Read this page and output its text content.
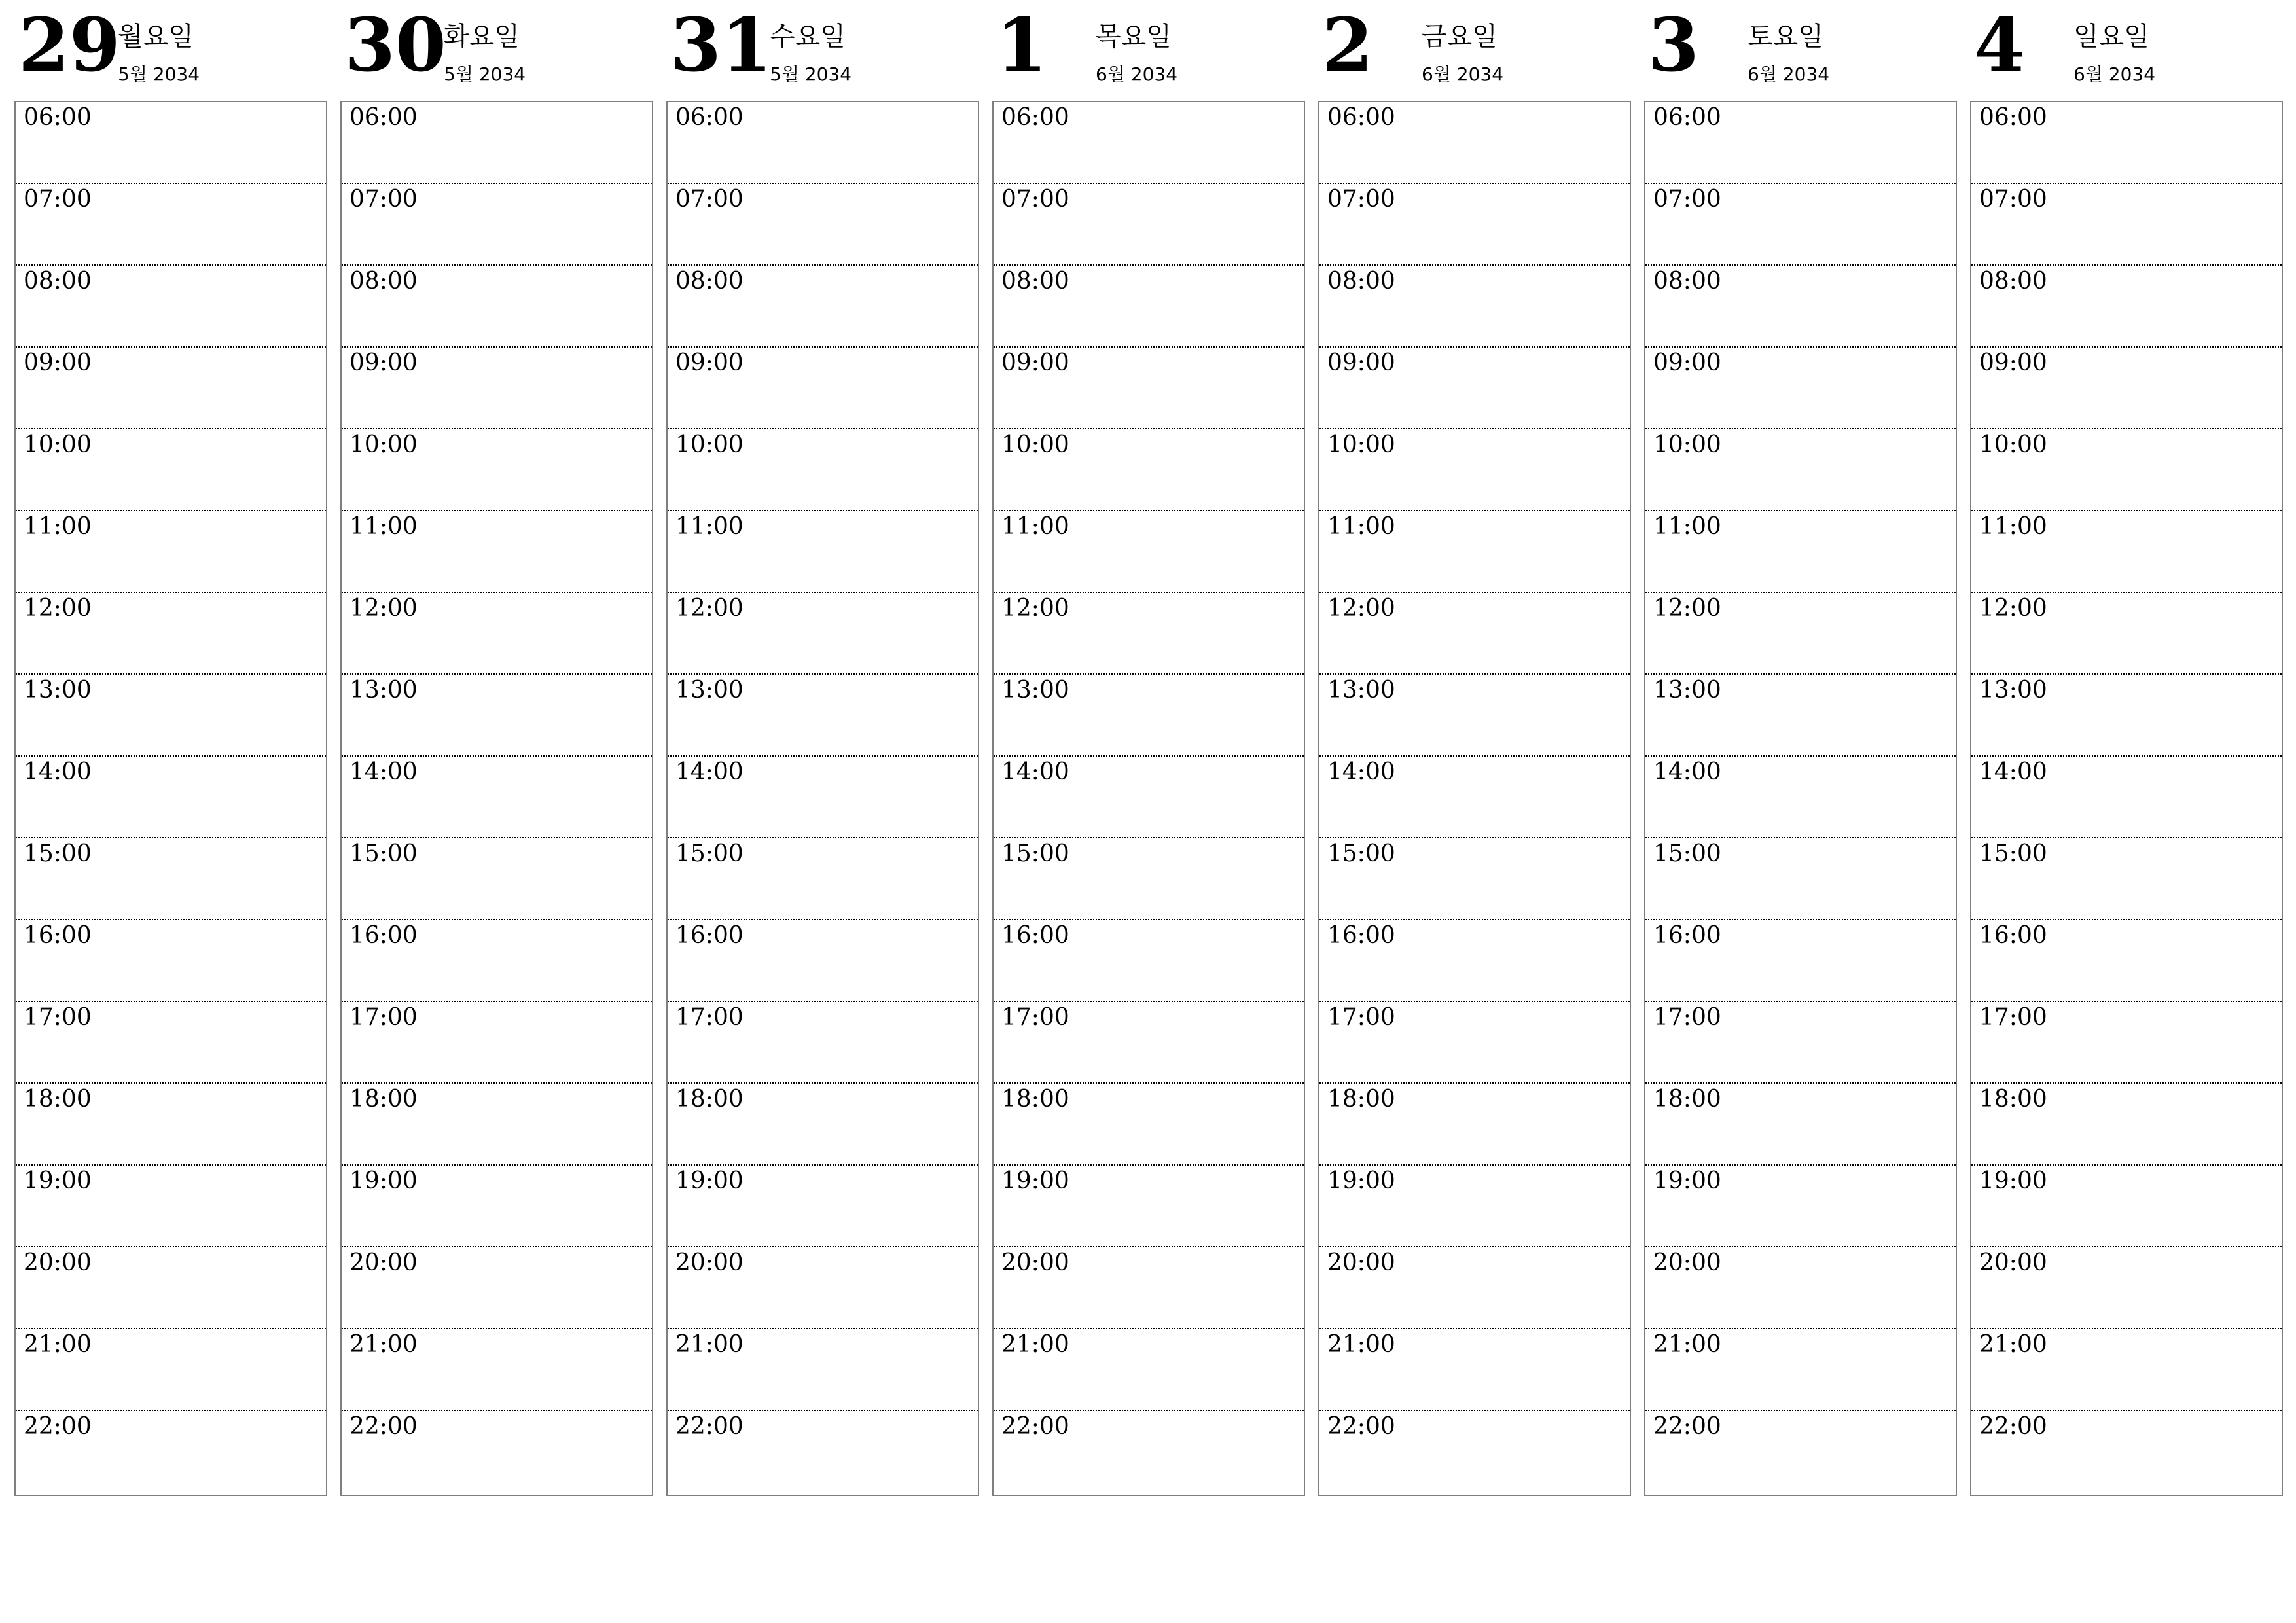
29
월요일
5월 2034
06:00
07:00
08:00
09:00
10:00
11:00
12:00
13:00
14:00
15:00
16:00
17:00
18:00
19:00
20:00
21:00
22:00
30
화요일
5월 2034
06:00
07:00
08:00
09:00
10:00
11:00
12:00
13:00
14:00
15:00
16:00
17:00
18:00
19:00
20:00
21:00
22:00
31
수요일
5월 2034
06:00
07:00
08:00
09:00
10:00
11:00
12:00
13:00
14:00
15:00
16:00
17:00
18:00
19:00
20:00
21:00
22:00
1 목요일
6월 2034
06:00
07:00
08:00
09:00
10:00
11:00
12:00
13:00
14:00
15:00
16:00
17:00
18:00
19:00
20:00
21:00
22:00
2 금요일
6월 2034
06:00
07:00
08:00
09:00
10:00
11:00
12:00
13:00
14:00
15:00
16:00
17:00
18:00
19:00
20:00
21:00
22:00
3 토요일
6월 2034
06:00
07:00
08:00
09:00
10:00
11:00
12:00
13:00
14:00
15:00
16:00
17:00
18:00
19:00
20:00
21:00
22:00
4 일요일
6월 2034
06:00
07:00
08:00
09:00
10:00
11:00
12:00
13:00
14:00
15:00
16:00
17:00
18:00
19:00
20:00
21:00
22:00
